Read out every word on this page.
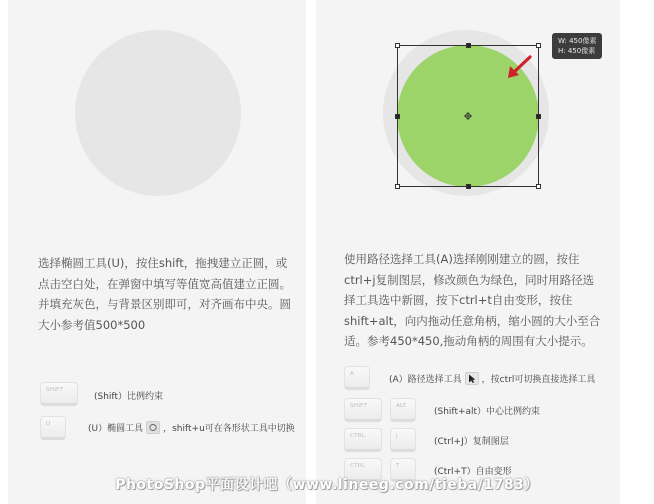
选择椭圆工具(U)，按住shift，拖拽建立正圆，或
点击空白处，在弹窗中填写等值宽高值建立正圆。
并填充灰色，与背景区别即可，对齐画布中央。圆
大小参考值500*500
SHIFT
(Shift）比例约束
U	(U）椭圆工具 ，shift+u可在各形状工具中切换
W: 450像素
H: 450像素
使用路径选择工具(A)选择刚刚建立的圆，按住
ctrl+j复制图层，修改颜色为绿色，同时用路径选
择工具选中新圆，按下ctrl+t自由变形，按住
shift+alt，向内拖动任意角柄，缩小圆的大小至合
适。参考450*450,拖动角柄的周围有大小提示。
A
(A）路径选择工具 ，按ctrl可切换直接选择工具
SHIFT	ALT
(Shift+alt）中心比例约束
CTRL	J
(Ctrl+J）复制图层
CTRL	T
(Ctrl+T）自由变形
PhotoShop平面设计吧（www.lineeg.com/tieba/1783）
